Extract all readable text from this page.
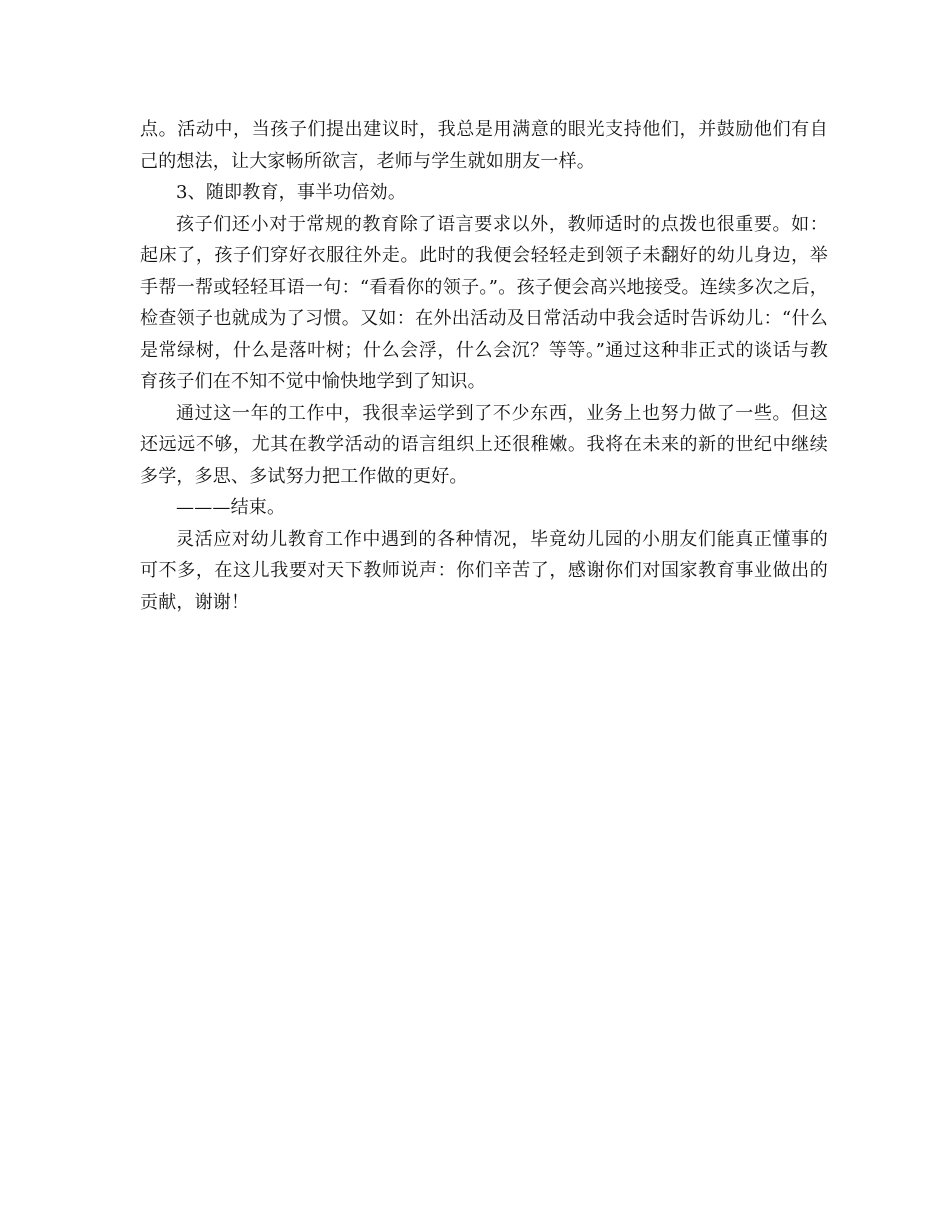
点。活动中，当孩子们提出建议时，我总是用满意的眼光支持他们，并鼓励他们有自己的想法，让大家畅所欲言，老师与学生就如朋友一样。

3、随即教育，事半功倍効。

孩子们还小对于常规的教育除了语言要求以外，教师适时的点拨也很重要。如：起床了，孩子们穿好衣服往外走。此时的我便会轻轻走到领子未翻好的幼儿身边，举手帮一帮或轻轻耳语一句：“看看你的领子。”。孩子便会高兴地接受。连续多次之后，检查领子也就成为了习惯。又如：在外出活动及日常活动中我会适时告诉幼儿：“什么是常绿树，什么是落叶树；什么会浮，什么会沉？等等。”通过这种非正式的谈话与教育孩子们在不知不觉中愉快地学到了知识。

通过这一年的工作中，我很幸运学到了不少东西，业务上也努力做了一些。但这还远远不够，尤其在教学活动的语言组织上还很稚嫩。我将在未来的新的世纪中继续多学，多思、多试努力把工作做的更好。

———结束。

灵活应对幼儿教育工作中遇到的各种情况，毕竟幼儿园的小朋友们能真正懂事的可不多，在这儿我要对天下教师说声：你们辛苦了，感谢你们对国家教育事业做出的贡献，谢谢！
